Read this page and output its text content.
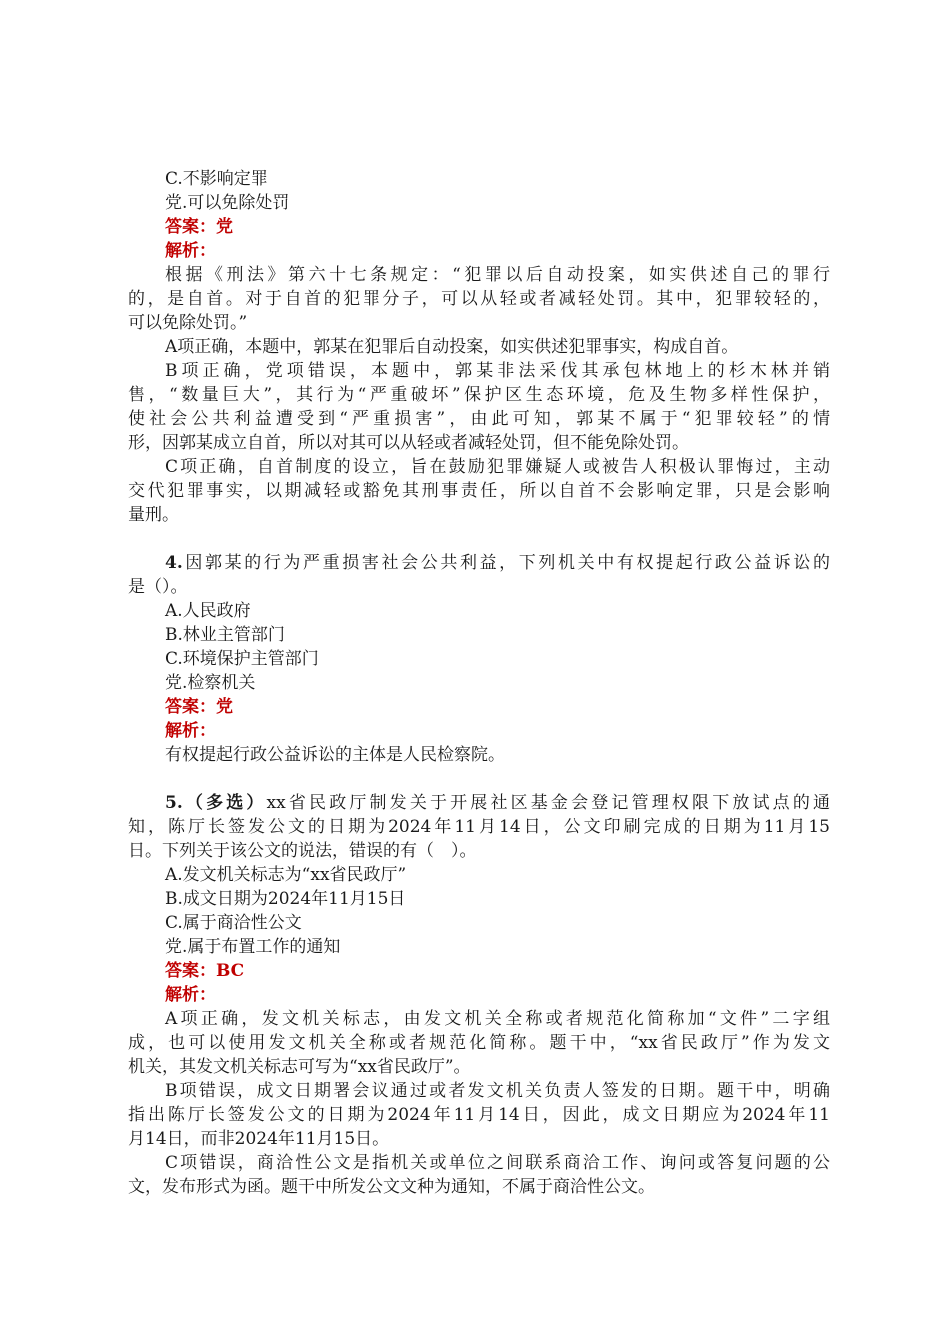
C.不影响定罪
党.可以免除处罚
答案：党
解析：
根据《刑法》第六十七条规定：“犯罪以后自动投案，如实供述自己的罪行
的，是自首。对于自首的犯罪分子，可以从轻或者减轻处罚。其中，犯罪较轻的，
可以免除处罚。”
A项正确，本题中，郭某在犯罪后自动投案，如实供述犯罪事实，构成自首。
B项正确，党项错误，本题中，郭某非法采伐其承包林地上的杉木林并销
售，“数量巨大”，其行为“严重破坏”保护区生态环境，危及生物多样性保护，
使社会公共利益遭受到“严重损害”，由此可知，郭某不属于“犯罪较轻”的情
形，因郭某成立自首，所以对其可以从轻或者减轻处罚，但不能免除处罚。
C项正确，自首制度的设立，旨在鼓励犯罪嫌疑人或被告人积极认罪悔过，主动
交代犯罪事实，以期减轻或豁免其刑事责任，所以自首不会影响定罪，只是会影响
量刑。
4.因郭某的行为严重损害社会公共利益，下列机关中有权提起行政公益诉讼的
是（）。
A.人民政府
B.林业主管部门
C.环境保护主管部门
党.检察机关
答案：党
解析：
有权提起行政公益诉讼的主体是人民检察院。
5.（多选）xx省民政厅制发关于开展社区基金会登记管理权限下放试点的通
知，陈厅长签发公文的日期为2024年11月14日，公文印刷完成的日期为11月15
日。下列关于该公文的说法，错误的有（　）。
A.发文机关标志为“xx省民政厅”
B.成文日期为2024年11月15日
C.属于商洽性公文
党.属于布置工作的通知
答案：BC
解析：
A项正确，发文机关标志，由发文机关全称或者规范化简称加“文件”二字组
成，也可以使用发文机关全称或者规范化简称。题干中，“xx省民政厅”作为发文
机关，其发文机关标志可写为“xx省民政厅”。
B项错误，成文日期署会议通过或者发文机关负责人签发的日期。题干中，明确
指出陈厅长签发公文的日期为2024年11月14日，因此，成文日期应为2024年11
月14日，而非2024年11月15日。
C项错误，商洽性公文是指机关或单位之间联系商洽工作、询问或答复问题的公
文，发布形式为函。题干中所发公文文种为通知，不属于商洽性公文。
